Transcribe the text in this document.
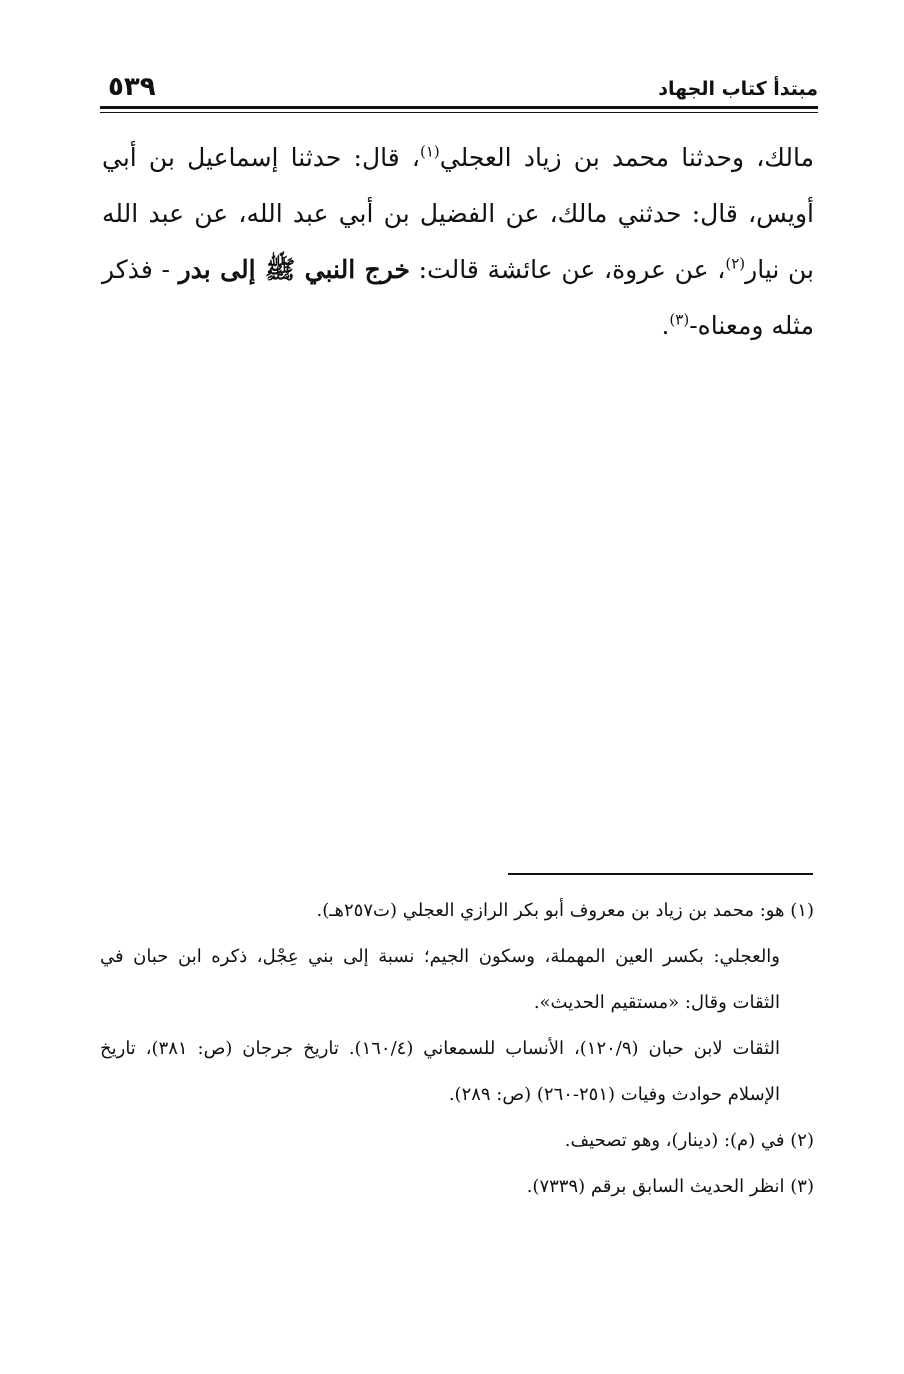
٥٣٩	مبتدأ كتاب الجهاد

مالك، وحدثنا محمد بن زياد العجلي$^{(١)}$، قال: حدثنا إسماعيل بن أبي أويس، قال: حدثني مالك، عن الفضيل بن أبي عبد الله، عن عبد الله بن نيار$^{(٢)}$، عن عروة، عن عائشة قالت: خرج النبي ﷺ إلى بدر - فذكر مثله ومعناه-$^{(٣)}$.

(١) هو: محمد بن زياد بن معروف أبو بكر الرازي العجلي (ت٢٥٧هـ).

والعجلي: بكسر العين المهملة، وسكون الجيم؛ نسبة إلى بني عِجْل، ذكره ابن حبان في الثقات وقال: «مستقيم الحديث».

الثقات لابن حبان (١٢٠/٩)، الأنساب للسمعاني (١٦٠/٤). تاريخ جرجان (ص: ٣٨١)، تاريخ الإسلام حوادث وفيات (٢٥١-٢٦٠) (ص: ٢٨٩).

(٢) في (م): (دينار)، وهو تصحيف.

(٣) انظر الحديث السابق برقم (٧٣٣٩).
